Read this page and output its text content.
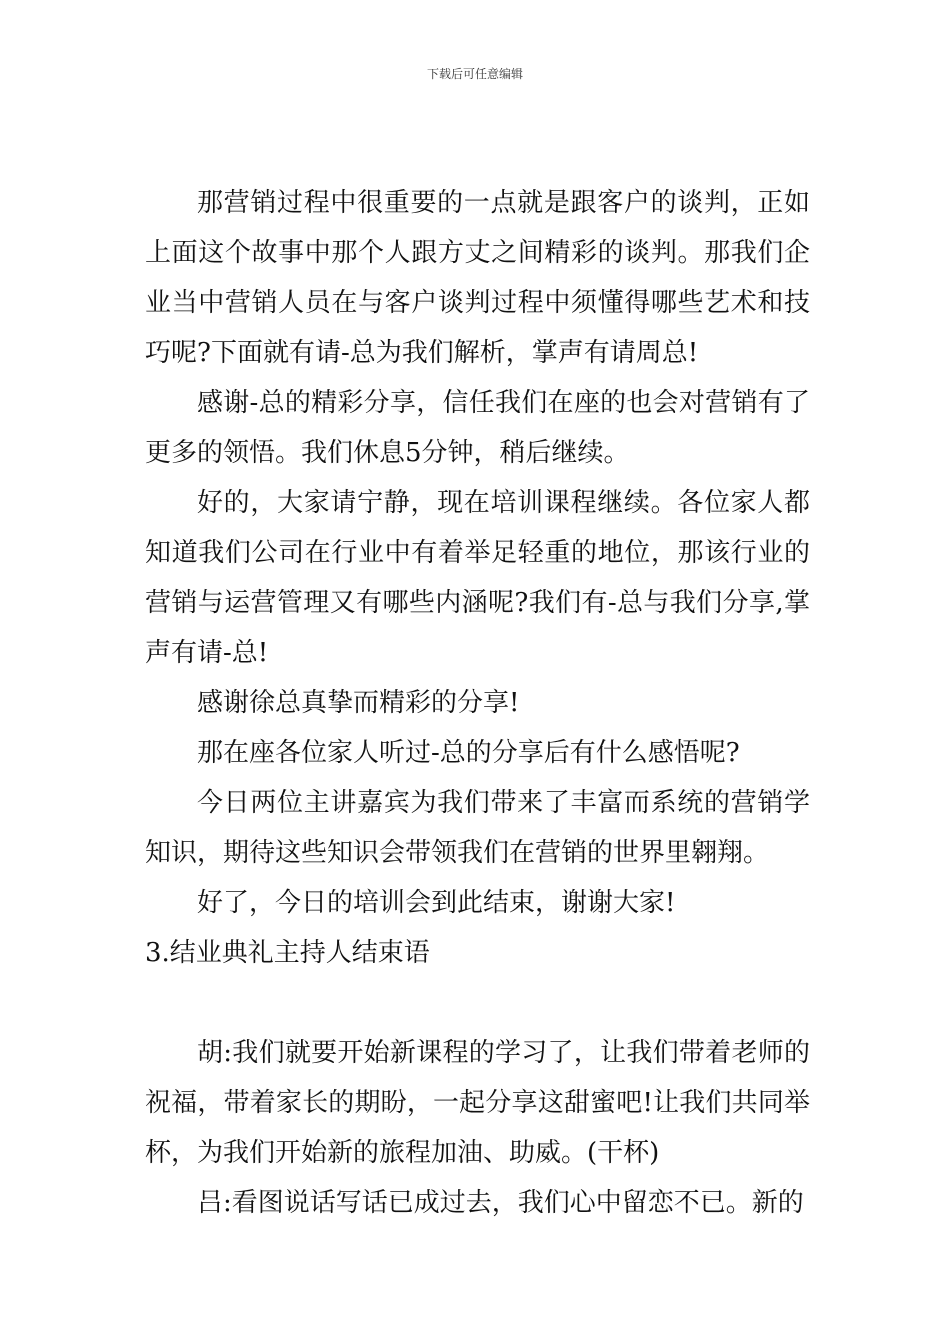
下载后可任意编辑

那营销过程中很重要的一点就是跟客户的谈判，正如上面这个故事中那个人跟方丈之间精彩的谈判。那我们企业当中营销人员在与客户谈判过程中须懂得哪些艺术和技巧呢?下面就有请-总为我们解析，掌声有请周总!

感谢-总的精彩分享，信任我们在座的也会对营销有了更多的领悟。我们休息5分钟，稍后继续。

好的，大家请宁静，现在培训课程继续。各位家人都知道我们公司在行业中有着举足轻重的地位，那该行业的营销与运营管理又有哪些内涵呢?我们有-总与我们分享,掌声有请-总!

感谢徐总真挚而精彩的分享!

那在座各位家人听过-总的分享后有什么感悟呢?

今日两位主讲嘉宾为我们带来了丰富而系统的营销学知识，期待这些知识会带领我们在营销的世界里翱翔。

好了，今日的培训会到此结束，谢谢大家!

3.结业典礼主持人结束语

胡:我们就要开始新课程的学习了，让我们带着老师的祝福，带着家长的期盼，一起分享这甜蜜吧!让我们共同举杯，为我们开始新的旅程加油、助威。(干杯)

吕:看图说话写话已成过去，我们心中留恋不已。新的
